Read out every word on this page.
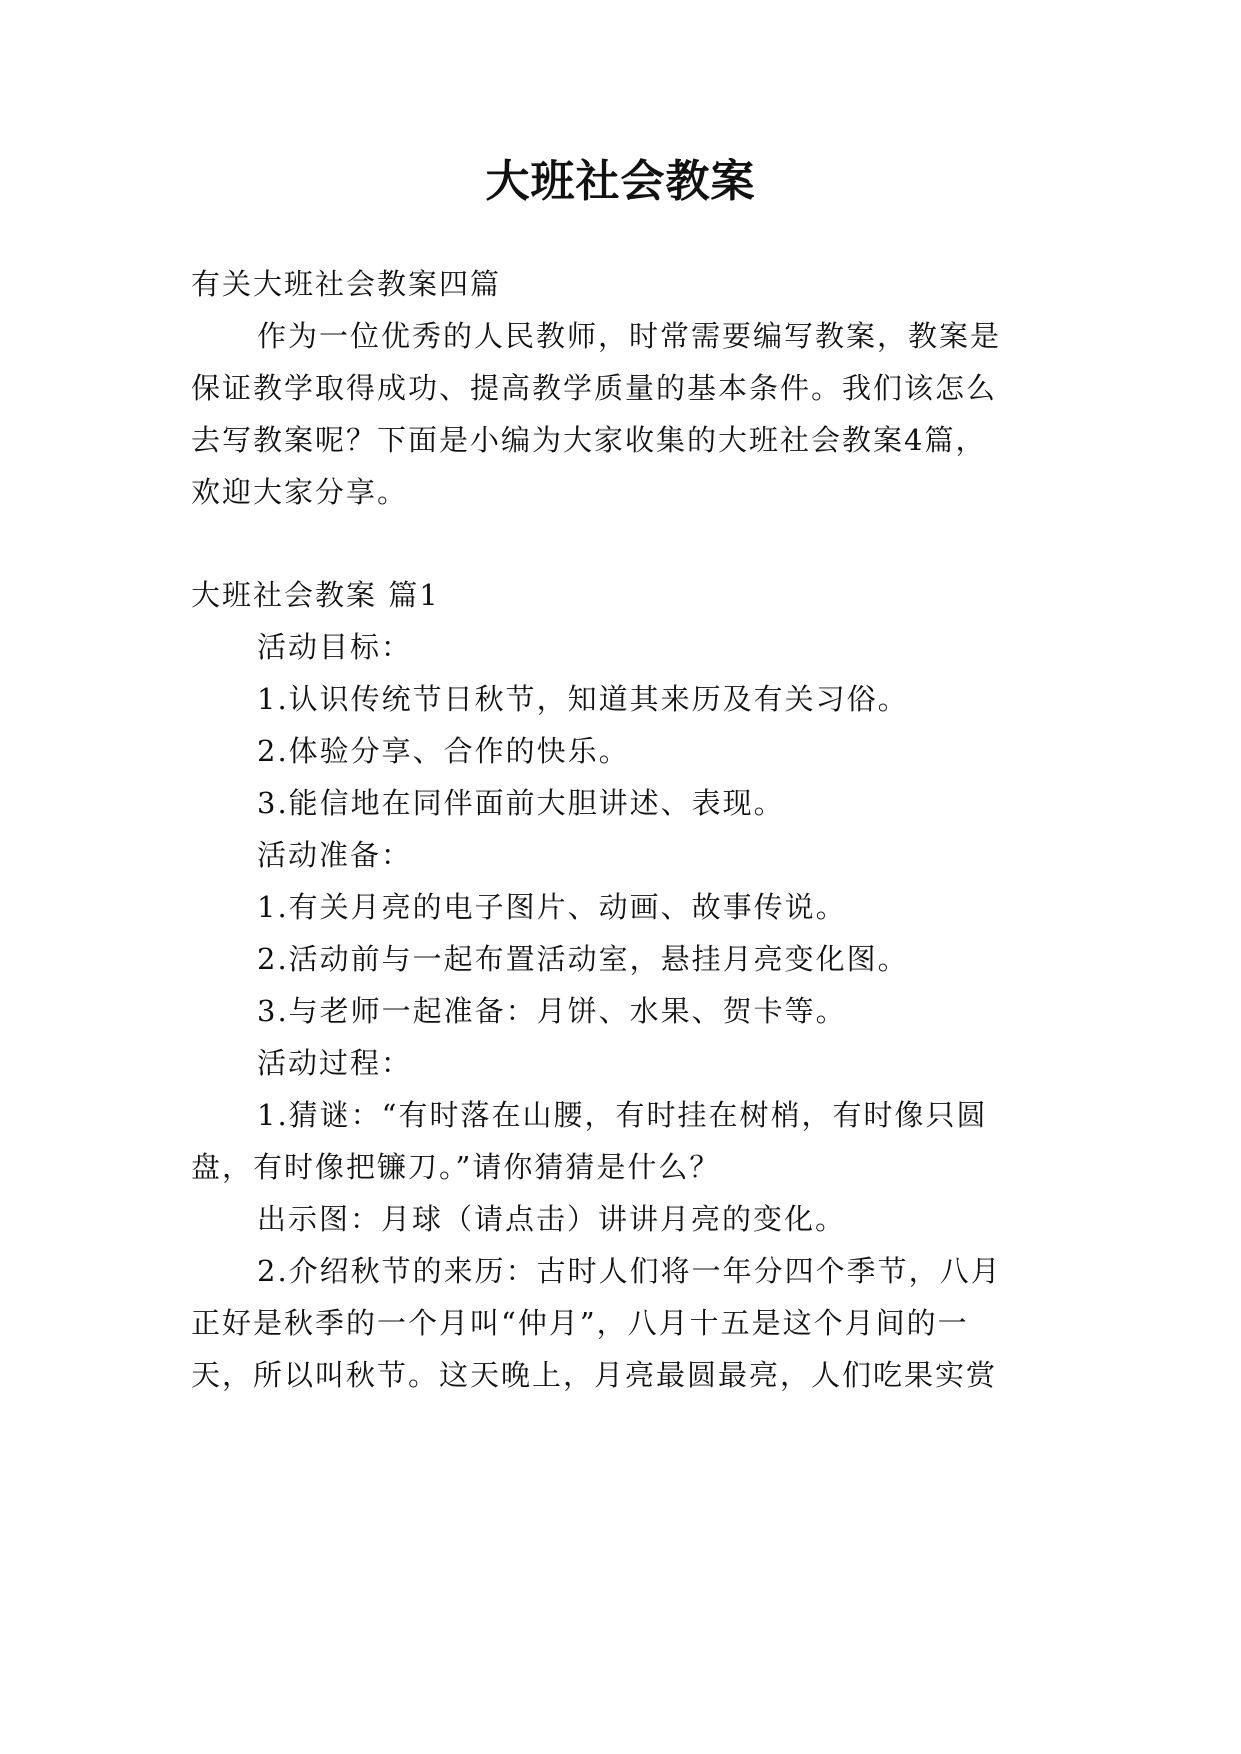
大班社会教案
有关大班社会教案四篇
作为一位优秀的人民教师，时常需要编写教案，教案是
保证教学取得成功、提高教学质量的基本条件。我们该怎么
去写教案呢？下面是小编为大家收集的大班社会教案4篇，
欢迎大家分享。
大班社会教案 篇1
活动目标：
1.认识传统节日秋节，知道其来历及有关习俗。
2.体验分享、合作的快乐。
3.能信地在同伴面前大胆讲述、表现。
活动准备：
1.有关月亮的电子图片、动画、故事传说。
2.活动前与一起布置活动室，悬挂月亮变化图。
3.与老师一起准备：月饼、水果、贺卡等。
活动过程：
1.猜谜：“有时落在山腰，有时挂在树梢，有时像只圆
盘，有时像把镰刀。”请你猜猜是什么？
出示图：月球（请点击）讲讲月亮的变化。
2.介绍秋节的来历：古时人们将一年分四个季节，八月
正好是秋季的一个月叫“仲月”，八月十五是这个月间的一
天，所以叫秋节。这天晚上，月亮最圆最亮，人们吃果实赏
